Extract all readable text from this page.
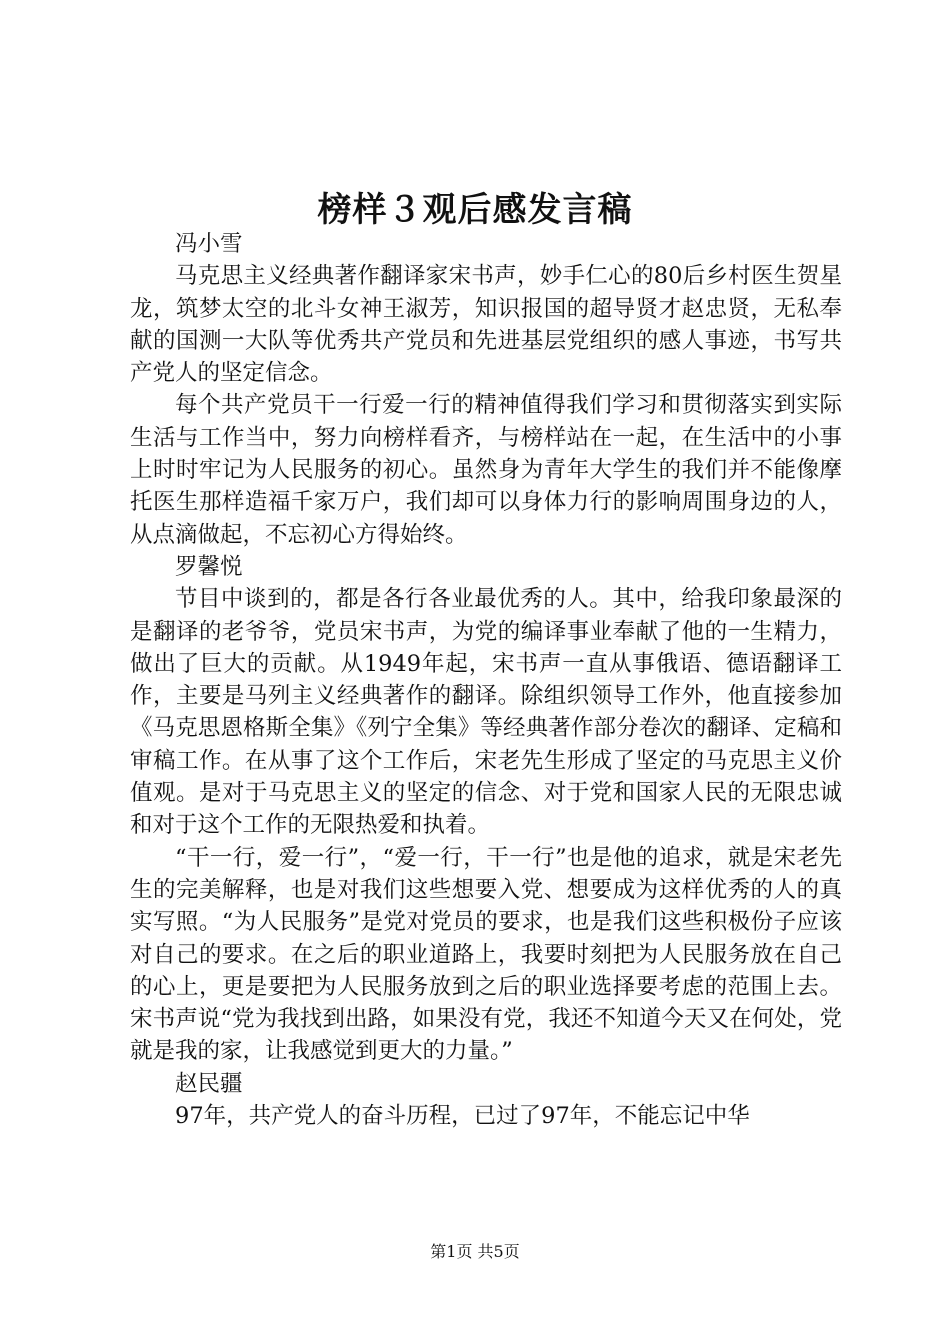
榜样３观后感发言稿

冯小雪

马克思主义经典著作翻译家宋书声，妙手仁心的80后乡村医生贺星龙，筑梦太空的北斗女神王淑芳，知识报国的超导贤才赵忠贤，无私奉献的国测一大队等优秀共产党员和先进基层党组织的感人事迹，书写共产党人的坚定信念。

每个共产党员干一行爱一行的精神值得我们学习和贯彻落实到实际生活与工作当中，努力向榜样看齐，与榜样站在一起，在生活中的小事上时时牢记为人民服务的初心。虽然身为青年大学生的我们并不能像摩托医生那样造福千家万户，我们却可以身体力行的影响周围身边的人，从点滴做起，不忘初心方得始终。

罗馨悦

节目中谈到的，都是各行各业最优秀的人。其中，给我印象最深的是翻译的老爷爷，党员宋书声，为党的编译事业奉献了他的一生精力，做出了巨大的贡献。从1949年起，宋书声一直从事俄语、德语翻译工作，主要是马列主义经典著作的翻译。除组织领导工作外，他直接参加《马克思恩格斯全集》《列宁全集》等经典著作部分卷次的翻译、定稿和审稿工作。在从事了这个工作后，宋老先生形成了坚定的马克思主义价值观。是对于马克思主义的坚定的信念、对于党和国家人民的无限忠诚和对于这个工作的无限热爱和执着。

“干一行，爱一行”，“爱一行，干一行”也是他的追求，就是宋老先生的完美解释，也是对我们这些想要入党、想要成为这样优秀的人的真实写照。“为人民服务”是党对党员的要求，也是我们这些积极份子应该对自己的要求。在之后的职业道路上，我要时刻把为人民服务放在自己的心上，更是要把为人民服务放到之后的职业选择要考虑的范围上去。宋书声说“党为我找到出路，如果没有党，我还不知道今天又在何处，党就是我的家，让我感觉到更大的力量。”

赵民疆

97年，共产党人的奋斗历程，已过了97年，不能忘记中华

第1页 共5页
